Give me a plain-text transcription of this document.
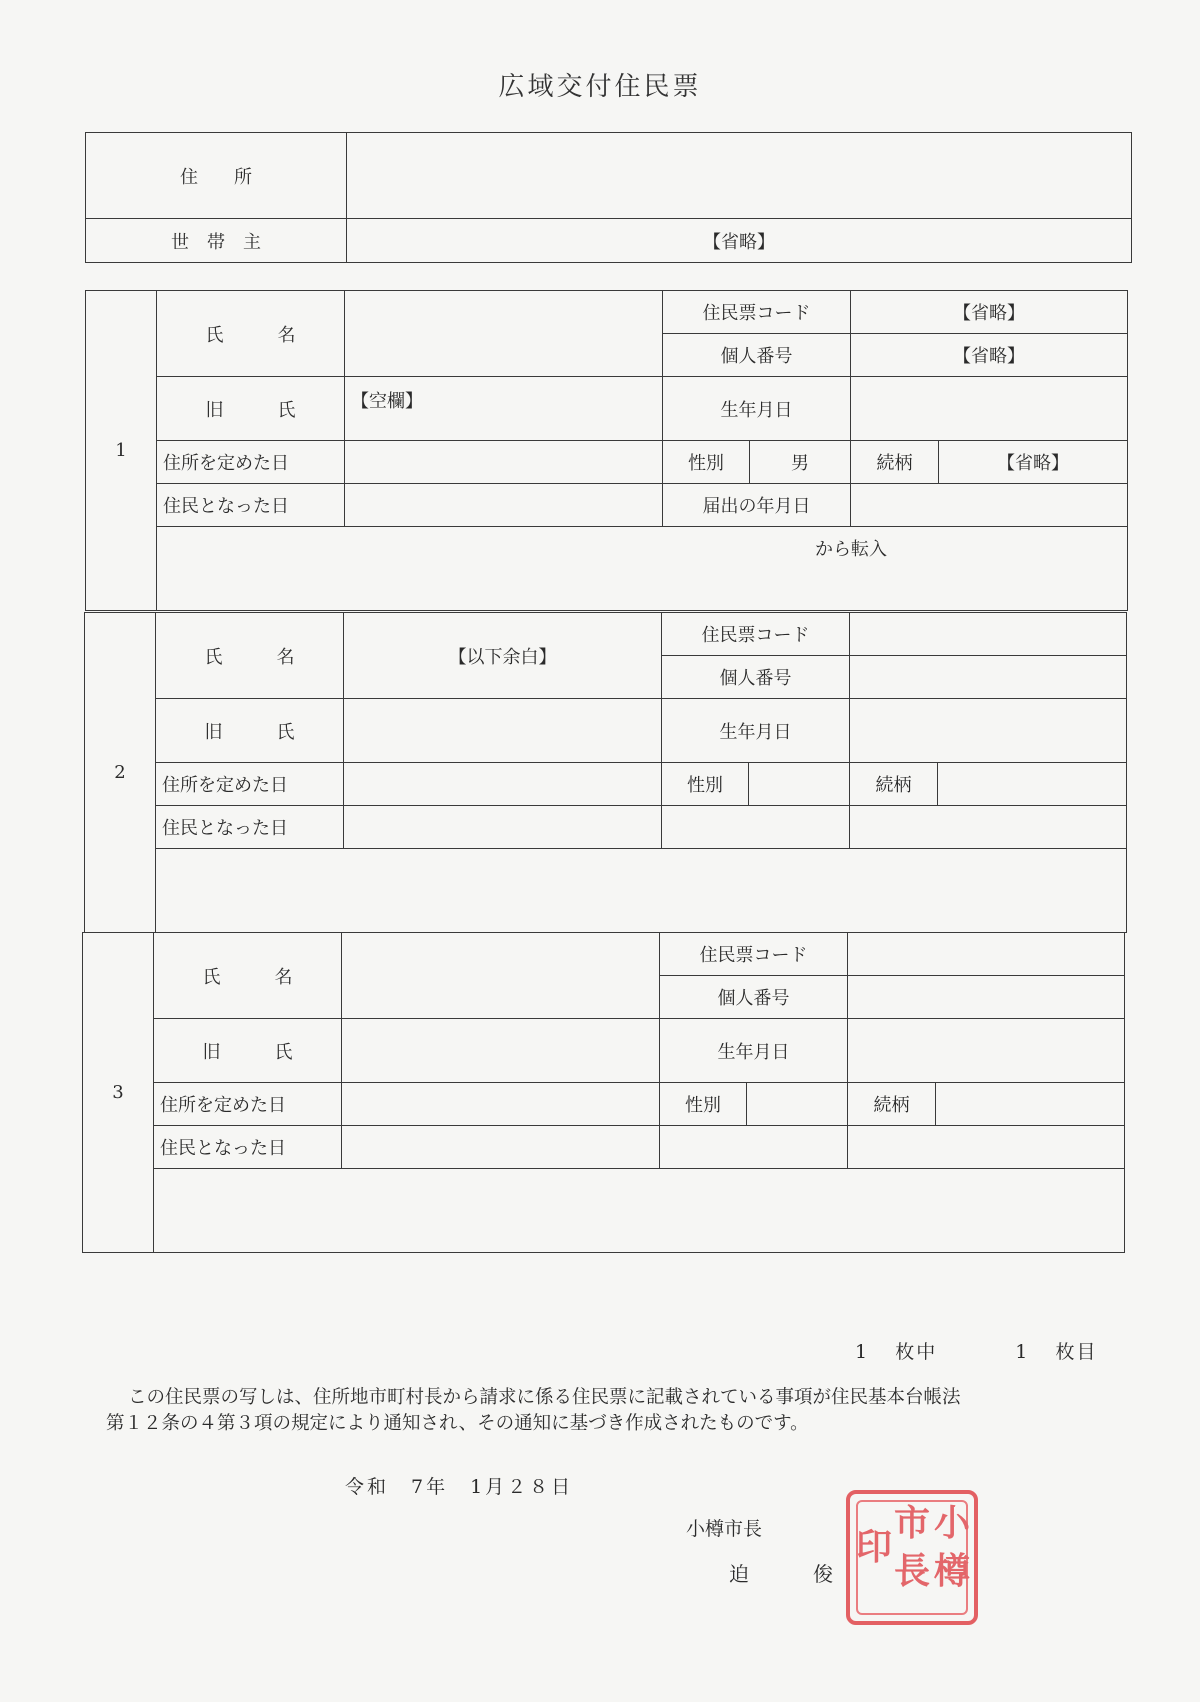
広域交付住民票
住　　所	
世　帯　主	【省略】
1	氏　　　名		住民票コード		【省略】	
			個人番号		【省略】	
	旧　　　氏	【空欄】	生年月日			
	住所を定めた日		性別	男	続柄	【省略】
	住民となった日		届出の年月日			
	から転入					
2	氏　　　名	【以下余白】	住民票コード			
			個人番号			
	旧　　　氏		生年月日			
	住所を定めた日		性別		続柄	
	住民となった日					

3	氏　　　名		住民票コード			
			個人番号			
	旧　　　氏		生年月日			
	住所を定めた日		性別		続柄	
	住民となった日					

1 枚中	1 枚目
この住民票の写しは、住所地市町村長から請求に係る住民票に記載されている事項が住民基本台帳法
第１２条の４第３項の規定により通知され、その通知に基づき作成されたものです。
令和　7年　1月２８日
小樽市長
迫　俊
小
樽
市
長
印
